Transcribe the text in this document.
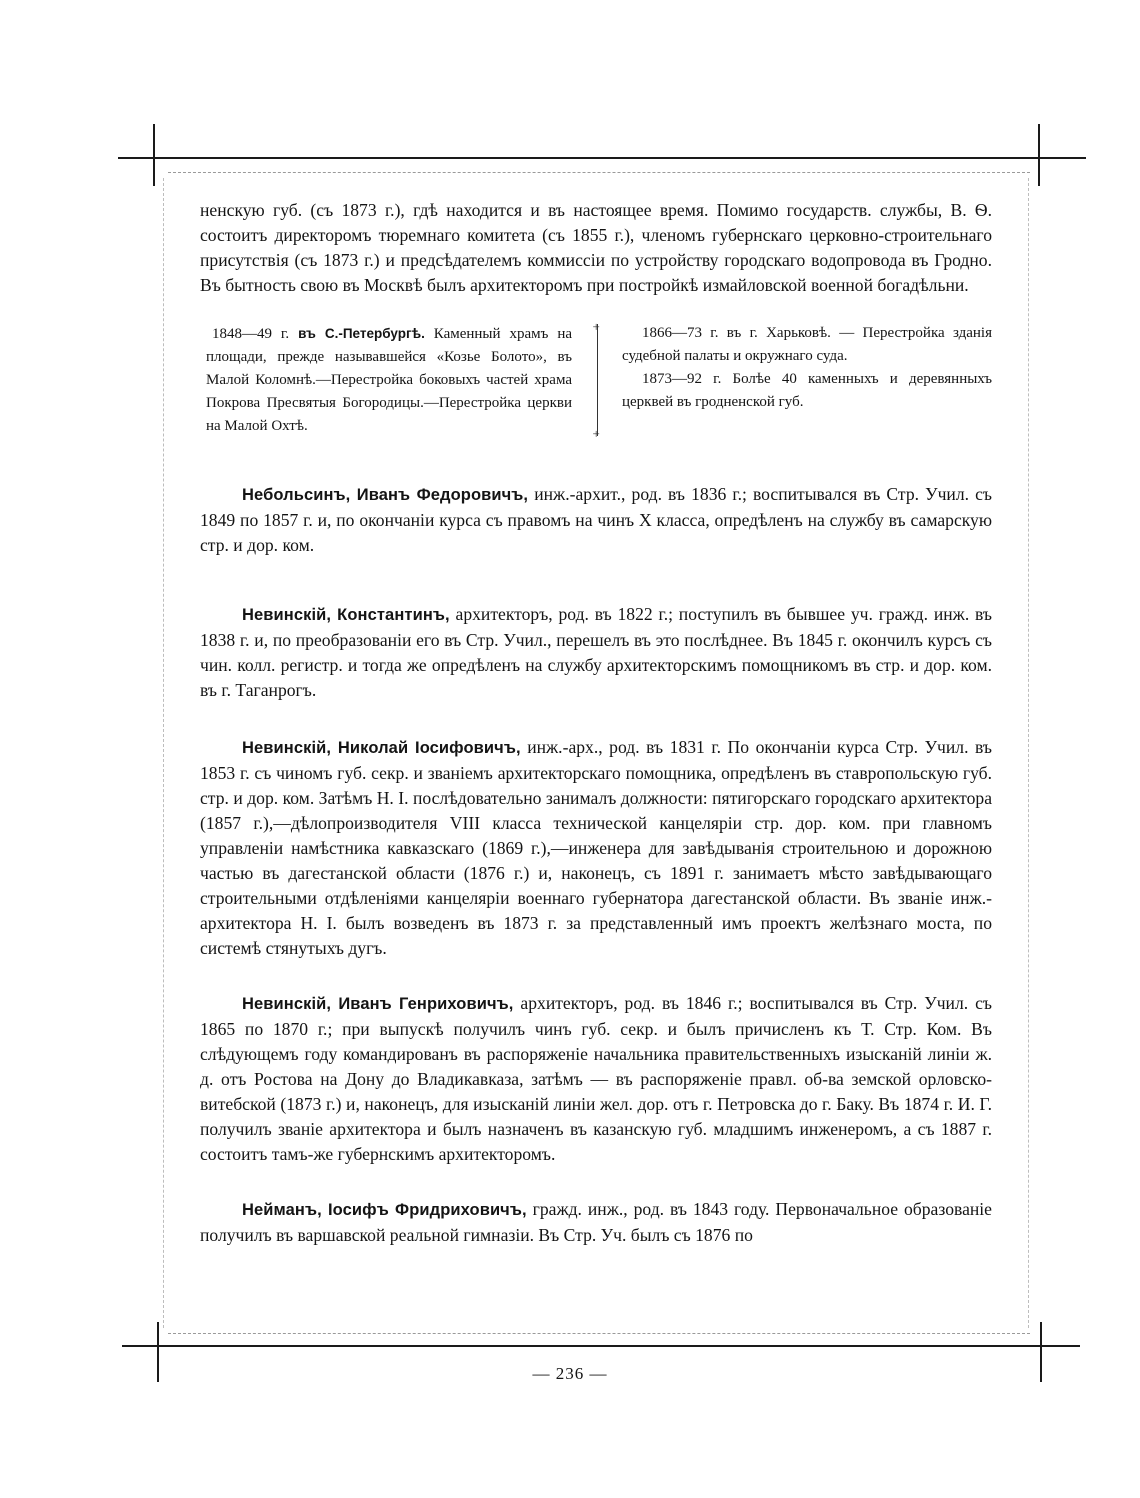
ненскую губ. (съ 1873 г.), гдѣ находится и въ настоящее время. Помимо государств. службы, В. Ѳ. состоитъ директоромъ тюремнаго комитета (съ 1855 г.), членомъ губернскаго церковно-строительнаго присутствія (съ 1873 г.) и предсѣдателемъ коммиссіи по устройству городскаго водопровода въ Гродно. Въ бытность свою въ Москвѣ былъ архитекторомъ при постройкѣ измайловской военной богадѣльни.

1848—49 г. въ С.-Петербургѣ. Каменный храмъ на площади, прежде называвшейся «Козье Болото», въ Малой Коломнѣ.—Перестройка боковыхъ частей храма Покрова Пресвятыя Богородицы.—Перестройка церкви на Малой Охтѣ.

+ +

1866—73 г. въ г. Харьковѣ. — Перестройка зданія судебной палаты и окружнаго суда.

1873—92 г. Болѣе 40 каменныхъ и деревянныхъ церквей въ гродненской губ.

Небольсинъ, Иванъ Федоровичъ, инж.-архит., род. въ 1836 г.; воспитывался въ Стр. Учил. съ 1849 по 1857 г. и, по окончаніи курса съ правомъ на чинъ X класса, опредѣленъ на службу въ самарскую стр. и дор. ком.

Невинскій, Константинъ, архитекторъ, род. въ 1822 г.; поступилъ въ бывшее уч. гражд. инж. въ 1838 г. и, по преобразованіи его въ Стр. Учил., перешелъ въ это послѣднее. Въ 1845 г. окончилъ курсъ съ чин. колл. регистр. и тогда же опредѣленъ на службу архитекторскимъ помощникомъ въ стр. и дор. ком. въ г. Таганрогъ.

Невинскій, Николай Іосифовичъ, инж.-арх., род. въ 1831 г. По окончаніи курса Стр. Учил. въ 1853 г. съ чиномъ губ. секр. и званіемъ архитекторскаго помощника, опредѣленъ въ ставропольскую губ. стр. и дор. ком. Затѣмъ Н. І. послѣдовательно занималъ должности: пятигорскаго городскаго архитектора (1857 г.),—дѣлопроизводителя VIII класса технической канцеляріи стр. дор. ком. при главномъ управленіи намѣстника кавказскаго (1869 г.),—инженера для завѣдыванія строительною и дорожною частью въ дагестанской области (1876 г.) и, наконецъ, съ 1891 г. занимаетъ мѣсто завѣдывающаго строительными отдѣленіями канцеляріи военнаго губернатора дагестанской области. Въ званіе инж.-архитектора Н. І. былъ возведенъ въ 1873 г. за представленный имъ проектъ желѣзнаго моста, по системѣ стянутыхъ дугъ.

Невинскій, Иванъ Генриховичъ, архитекторъ, род. въ 1846 г.; воспитывался въ Стр. Учил. съ 1865 по 1870 г.; при выпускѣ получилъ чинъ губ. секр. и былъ причисленъ къ Т. Стр. Ком. Въ слѣдующемъ году командированъ въ распоряженіе начальника правительственныхъ изысканій линіи ж. д. отъ Ростова на Дону до Владикавказа, затѣмъ — въ распоряженіе правл. об-ва земской орловско-витебской (1873 г.) и, наконецъ, для изысканій линіи жел. дор. отъ г. Петровска до г. Баку. Въ 1874 г. И. Г. получилъ званіе архитектора и былъ назначенъ въ казанскую губ. младшимъ инженеромъ, а съ 1887 г. состоитъ тамъ-же губернскимъ архитекторомъ.

Нейманъ, Іосифъ Фридриховичъ, гражд. инж., род. въ 1843 году. Первоначальное образованіе получилъ въ варшавской реальной гимназіи. Въ Стр. Уч. былъ съ 1876 по

— 236 —
